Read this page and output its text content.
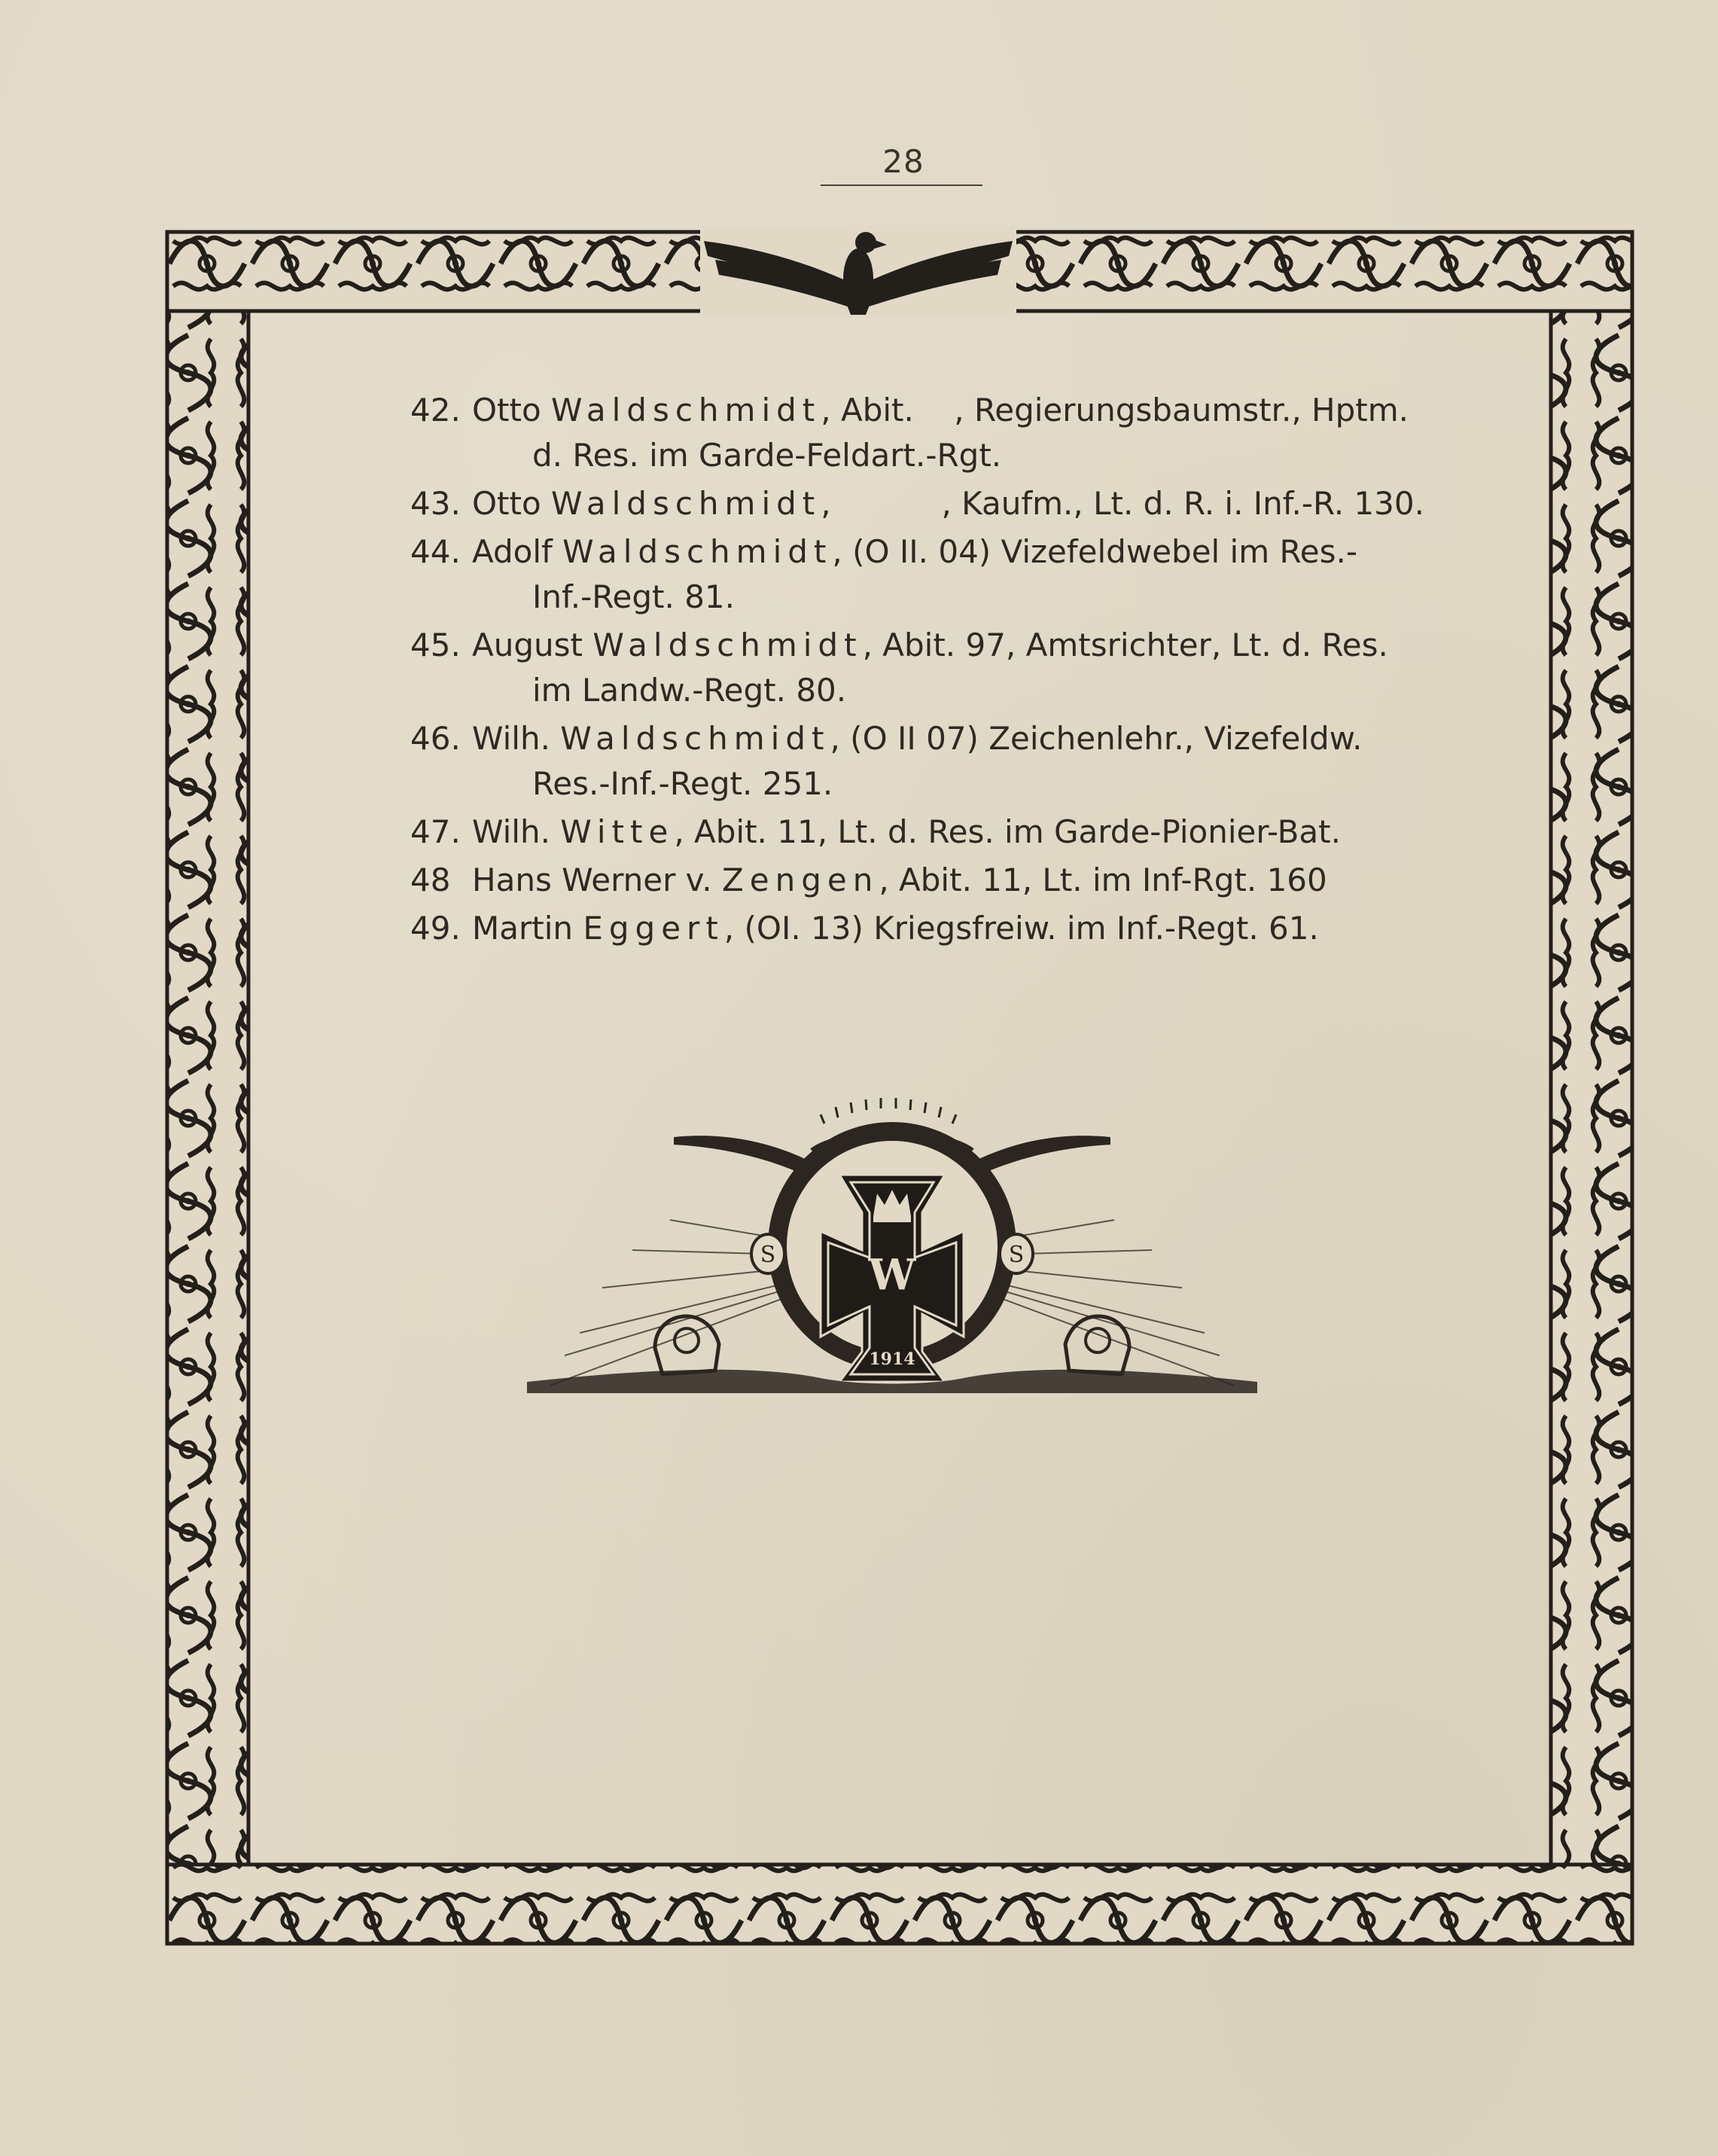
28
42. Otto Waldschmidt, Abit.    , Regierungsbaumstr., Hptm.
d. Res. im Garde-Feldart.-Rgt.
43. Otto Waldschmidt,           , Kaufm., Lt. d. R. i. Inf.-R. 130.
44. Adolf Waldschmidt, (O II. 04) Vizefeldwebel im Res.-
Inf.-Regt. 81.
45. August Waldschmidt, Abit. 97, Amtsrichter, Lt. d. Res.
im Landw.-Regt. 80.
46. Wilh. Waldschmidt, (O II 07) Zeichenlehr., Vizefeldw.
Res.-Inf.-Regt. 251.
47. Wilh. Witte, Abit. 11, Lt. d. Res. im Garde-Pionier-Bat.
48 Hans Werner v. Zengen, Abit. 11, Lt. im Inf-Rgt. 160
49. Martin Eggert, (OI. 13) Kriegsfreiw. im Inf.-Regt. 61.
W
1914
S	S
